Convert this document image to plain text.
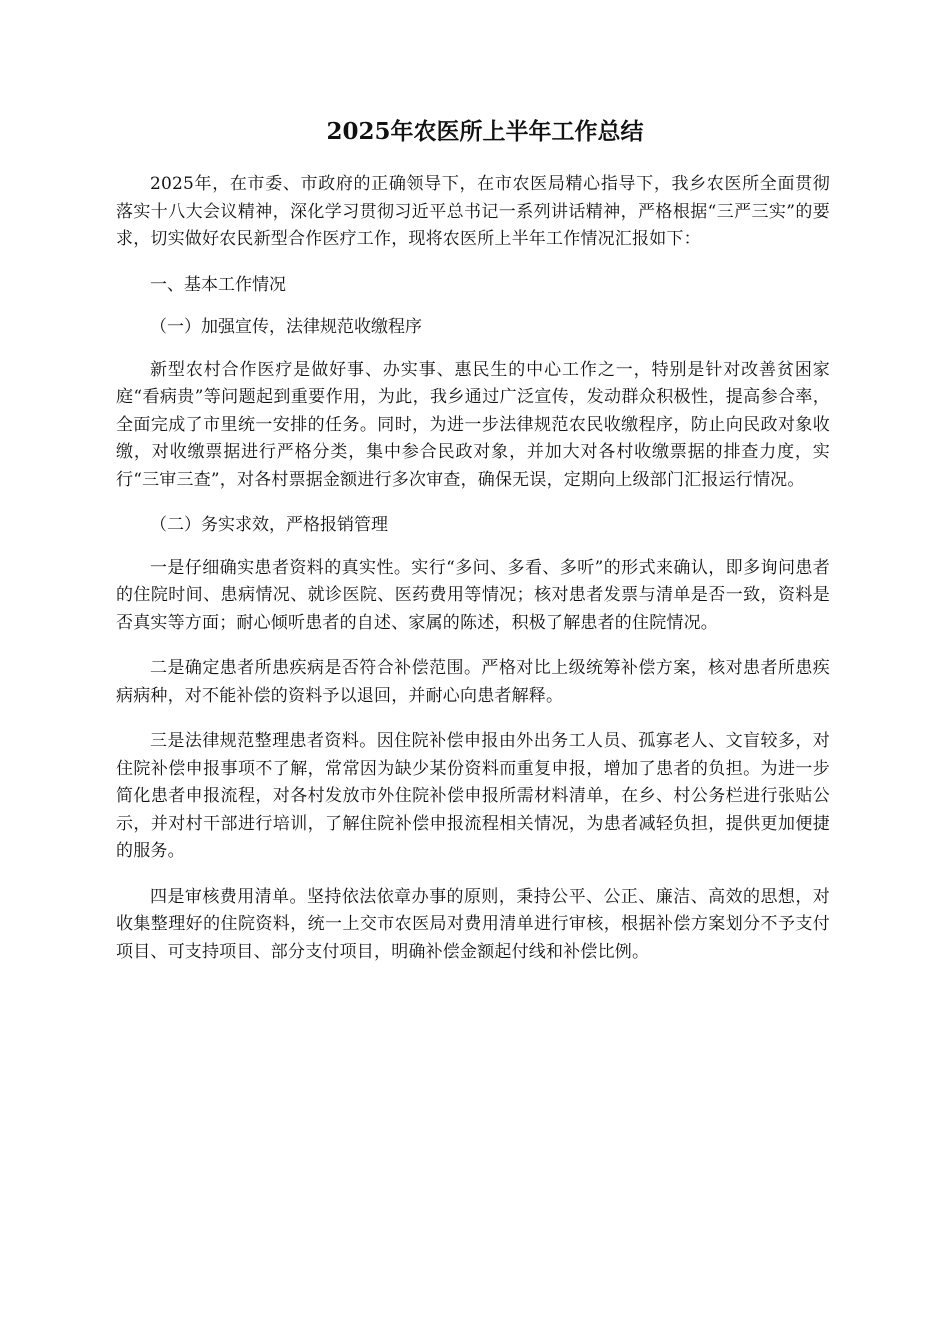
2025年农医所上半年工作总结

2025年，在市委、市政府的正确领导下，在市农医局精心指导下，我乡农医所全面贯彻落实十八大会议精神，深化学习贯彻习近平总书记一系列讲话精神，严格根据“三严三实”的要求，切实做好农民新型合作医疗工作，现将农医所上半年工作情况汇报如下：

一、基本工作情况

（一）加强宣传，法律规范收缴程序

新型农村合作医疗是做好事、办实事、惠民生的中心工作之一，特别是针对改善贫困家庭“看病贵”等问题起到重要作用，为此，我乡通过广泛宣传，发动群众积极性，提高参合率，全面完成了市里统一安排的任务。同时，为进一步法律规范农民收缴程序，防止向民政对象收缴，对收缴票据进行严格分类，集中参合民政对象，并加大对各村收缴票据的排查力度，实行“三审三查”，对各村票据金额进行多次审查，确保无误，定期向上级部门汇报运行情况。

（二）务实求效，严格报销管理

一是仔细确实患者资料的真实性。实行“多问、多看、多听”的形式来确认，即多询问患者的住院时间、患病情况、就诊医院、医药费用等情况；核对患者发票与清单是否一致，资料是否真实等方面；耐心倾听患者的自述、家属的陈述，积极了解患者的住院情况。

二是确定患者所患疾病是否符合补偿范围。严格对比上级统筹补偿方案，核对患者所患疾病病种，对不能补偿的资料予以退回，并耐心向患者解释。

三是法律规范整理患者资料。因住院补偿申报由外出务工人员、孤寡老人、文盲较多，对住院补偿申报事项不了解，常常因为缺少某份资料而重复申报，增加了患者的负担。为进一步简化患者申报流程，对各村发放市外住院补偿申报所需材料清单，在乡、村公务栏进行张贴公示，并对村干部进行培训，了解住院补偿申报流程相关情况，为患者减轻负担，提供更加便捷的服务。

四是审核费用清单。坚持依法依章办事的原则，秉持公平、公正、廉洁、高效的思想，对收集整理好的住院资料，统一上交市农医局对费用清单进行审核，根据补偿方案划分不予支付项目、可支持项目、部分支付项目，明确补偿金额起付线和补偿比例。
